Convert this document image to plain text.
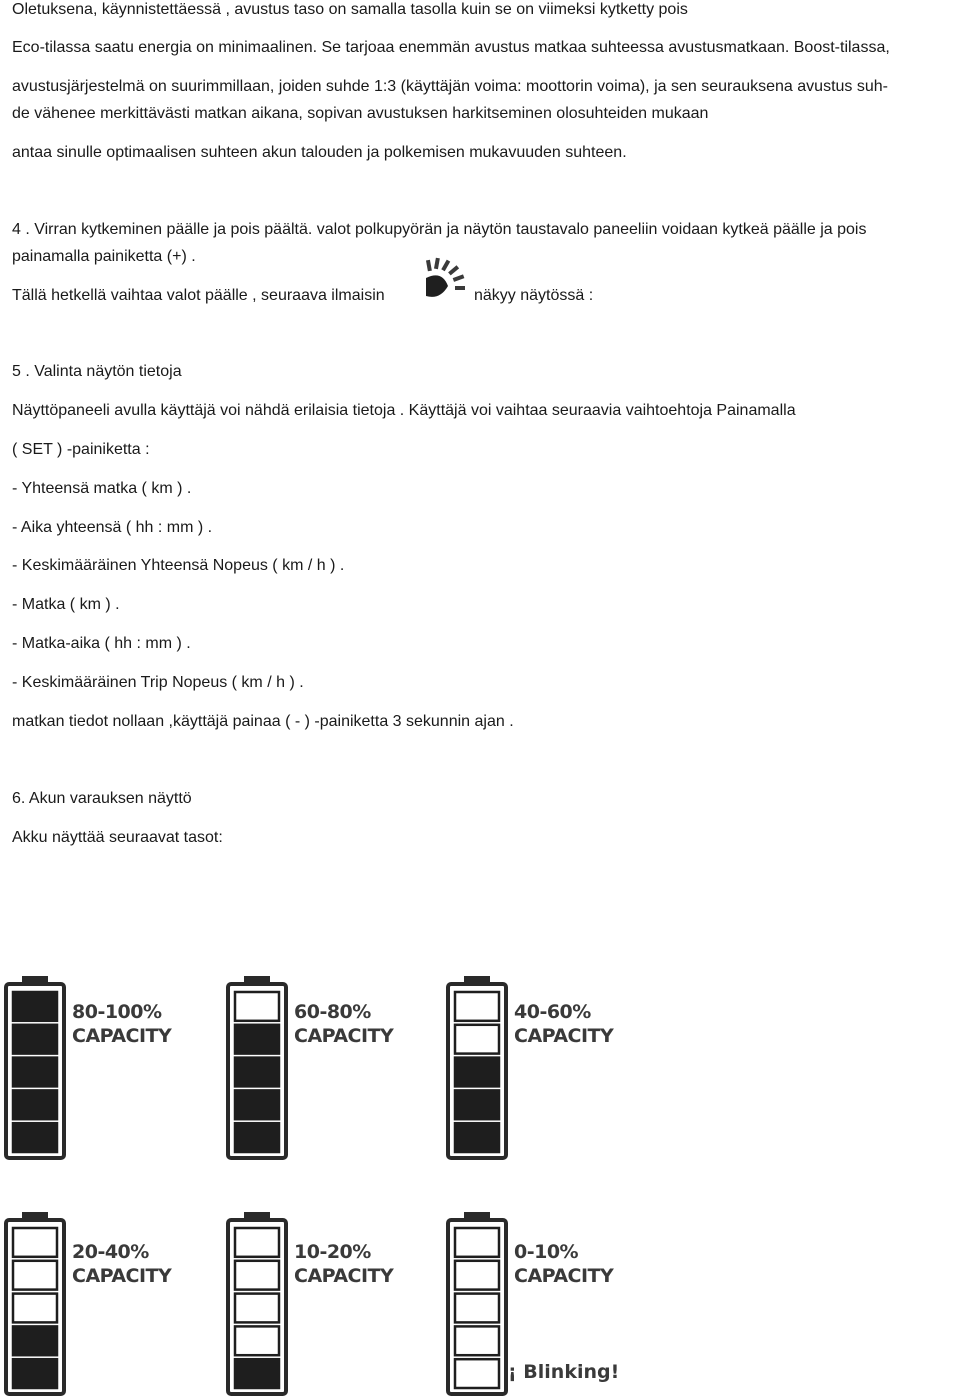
Oletuksena, käynnistettäessä , avustus taso on samalla tasolla kuin se on viimeksi kytketty pois
Eco-tilassa saatu energia on minimaalinen. Se tarjoaa enemmän avustus matkaa suhteessa avustusmatkaan. Boost-tilassa,
avustusjärjestelmä on suurimmillaan, joiden suhde 1:3 (käyttäjän voima: moottorin voima), ja sen seurauksena avustus suh-
de vähenee merkittävästi matkan aikana, sopivan avustuksen harkitseminen olosuhteiden mukaan
antaa sinulle optimaalisen suhteen akun talouden ja polkemisen mukavuuden suhteen.
4 . Virran kytkeminen päälle ja pois päältä. valot polkupyörän ja näytön taustavalo paneeliin voidaan kytkeä päälle ja pois
painamalla painiketta (+) .
Tällä hetkellä vaihtaa valot päälle , seuraava ilmaisin	näkyy näytössä :
5 . Valinta näytön tietoja
Näyttöpaneeli avulla käyttäjä voi nähdä erilaisia tietoja . Käyttäjä voi vaihtaa seuraavia vaihtoehtoja Painamalla
( SET ) -painiketta :
- Yhteensä matka ( km ) .
- Aika yhteensä ( hh : mm ) .
- Keskimääräinen Yhteensä Nopeus ( km / h ) .
- Matka ( km ) .
- Matka-aika ( hh : mm ) .
- Keskimääräinen Trip Nopeus ( km / h ) .
matkan tiedot nollaan ,käyttäjä painaa ( - ) -painiketta 3 sekunnin ajan .
6. Akun varauksen näyttö
Akku näyttää seuraavat tasot:
80-100%
CAPACITY
60-80%
CAPACITY
40-60%
CAPACITY
20-40%
CAPACITY
10-20%
CAPACITY
0-10%
CAPACITY
¡ Blinking!
